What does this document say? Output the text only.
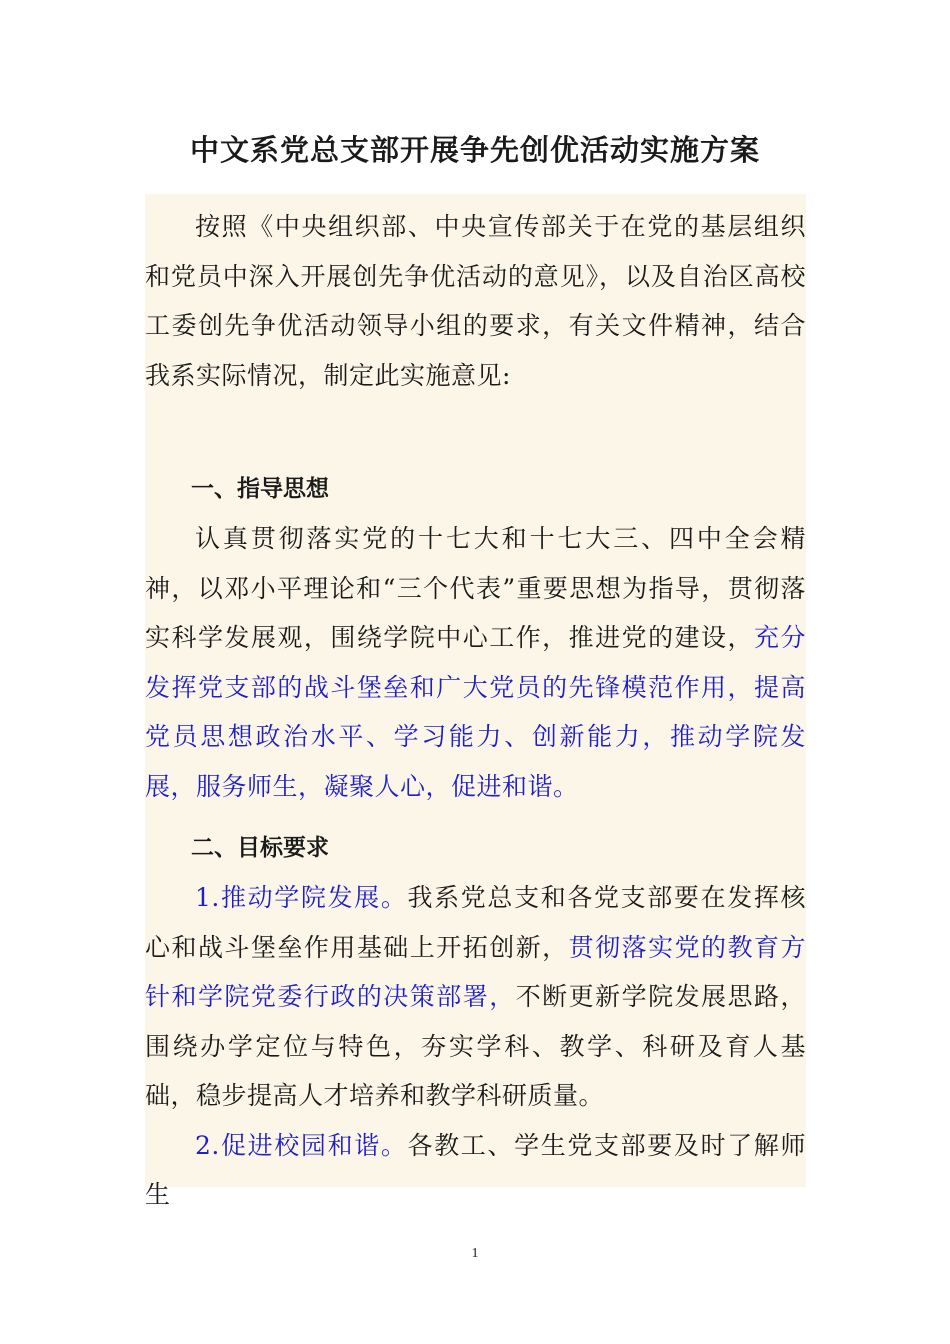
中文系党总支部开展争先创优活动实施方案

按照《中央组织部、中央宣传部关于在党的基层组织和党员中深入开展创先争优活动的意见》，以及自治区高校工委创先争优活动领导小组的要求，有关文件精神，结合我系实际情况，制定此实施意见:

一、指导思想

认真贯彻落实党的十七大和十七大三、四中全会精神，以邓小平理论和“三个代表”重要思想为指导，贯彻落实科学发展观，围绕学院中心工作，推进党的建设，充分发挥党支部的战斗堡垒和广大党员的先锋模范作用，提高党员思想政治水平、学习能力、创新能力，推动学院发展，服务师生，凝聚人心，促进和谐。

二、目标要求

1.推动学院发展。我系党总支和各党支部要在发挥核心和战斗堡垒作用基础上开拓创新，贯彻落实党的教育方针和学院党委行政的决策部署，不断更新学院发展思路，围绕办学定位与特色，夯实学科、教学、科研及育人基础，稳步提高人才培养和教学科研质量。

2.促进校园和谐。各教工、学生党支部要及时了解师生

1
